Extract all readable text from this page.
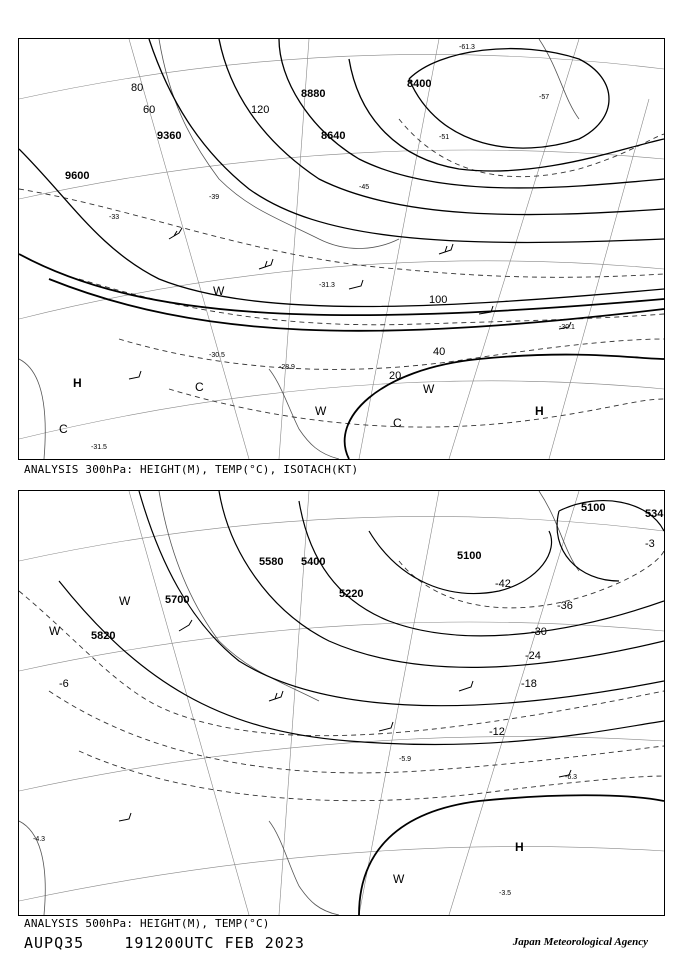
9600
9360
8880
8640
8400
120
100
80
60
40
20
-33
-39
-45
-51
-57
-61.3
-31.3
-30.5
-28.9
-31.5
-30.1
H
H
C
C	C
W
W
W
ANALYSIS 300hPa: HEIGHT(M), TEMP(°C), ISOTACH(KT)
5700
5820
5580 5400
5220
5100
5100	534
-42
-36
-30
-24
-18
-12
-6
-3
-6.3
-5.9
-3.5
-4.3
W
W
H
W
ANALYSIS 500hPa: HEIGHT(M), TEMP(°C)
AUPQ35	191200UTC FEB 2023	Japan Meteorological Agency
